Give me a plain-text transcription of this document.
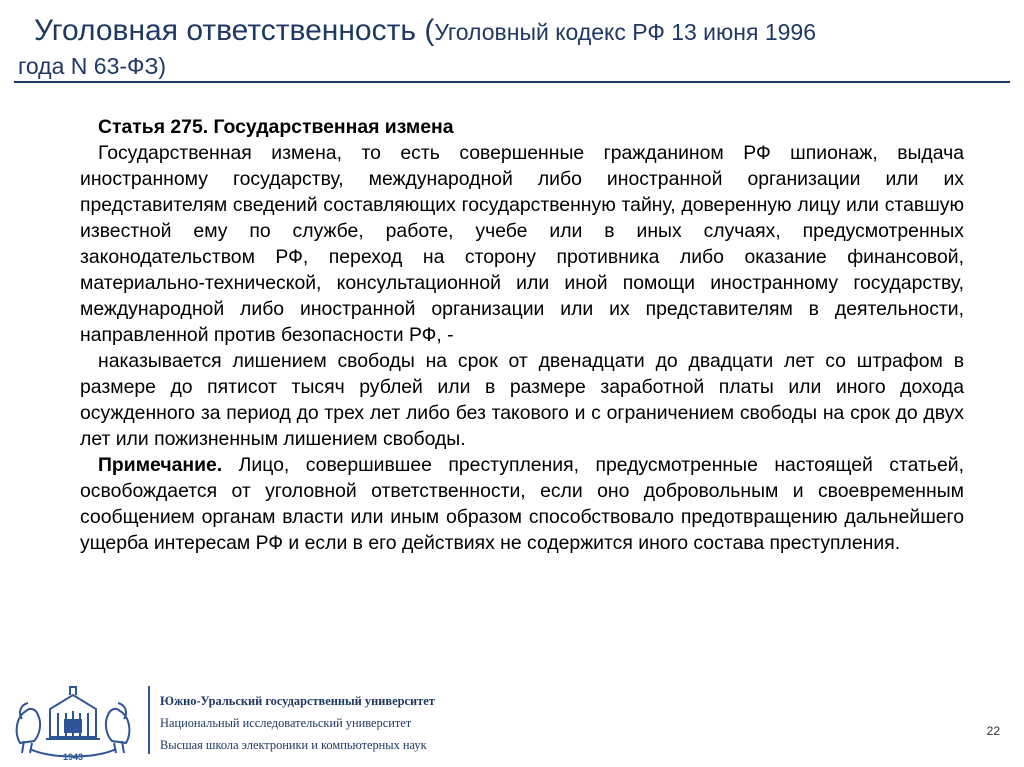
Уголовная ответственность (Уголовный кодекс РФ 13 июня 1996
года N 63-ФЗ)

Статья 275. Государственная измена

Государственная измена, то есть совершенные гражданином РФ шпионаж, выдача иностранному государству, международной либо иностранной организации или их представителям сведений составляющих государственную тайну, доверенную лицу или ставшую известной ему по службе, работе, учебе или в иных случаях, предусмотренных законодательством РФ, переход на сторону противника либо оказание финансовой, материально-технической, консультационной или иной помощи иностранному государству, международной либо иностранной организации или их представителям в деятельности, направленной против безопасности РФ, -

наказывается лишением свободы на срок от двенадцати до двадцати лет со штрафом в размере до пятисот тысяч рублей или в размере заработной платы или иного дохода осужденного за период до трех лет либо без такового и с ограничением свободы на срок до двух лет или пожизненным лишением свободы.

Примечание. Лицо, совершившее преступления, предусмотренные настоящей статьей, освобождается от уголовной ответственности, если оно добровольным и своевременным сообщением органам власти или иным образом способствовало предотвращению дальнейшего ущерба интересам РФ и если в его действиях не содержится иного состава преступления.

1943
Южно-Уральский государственный университет
Национальный исследовательский университет
Высшая школа электроники и компьютерных наук
22
